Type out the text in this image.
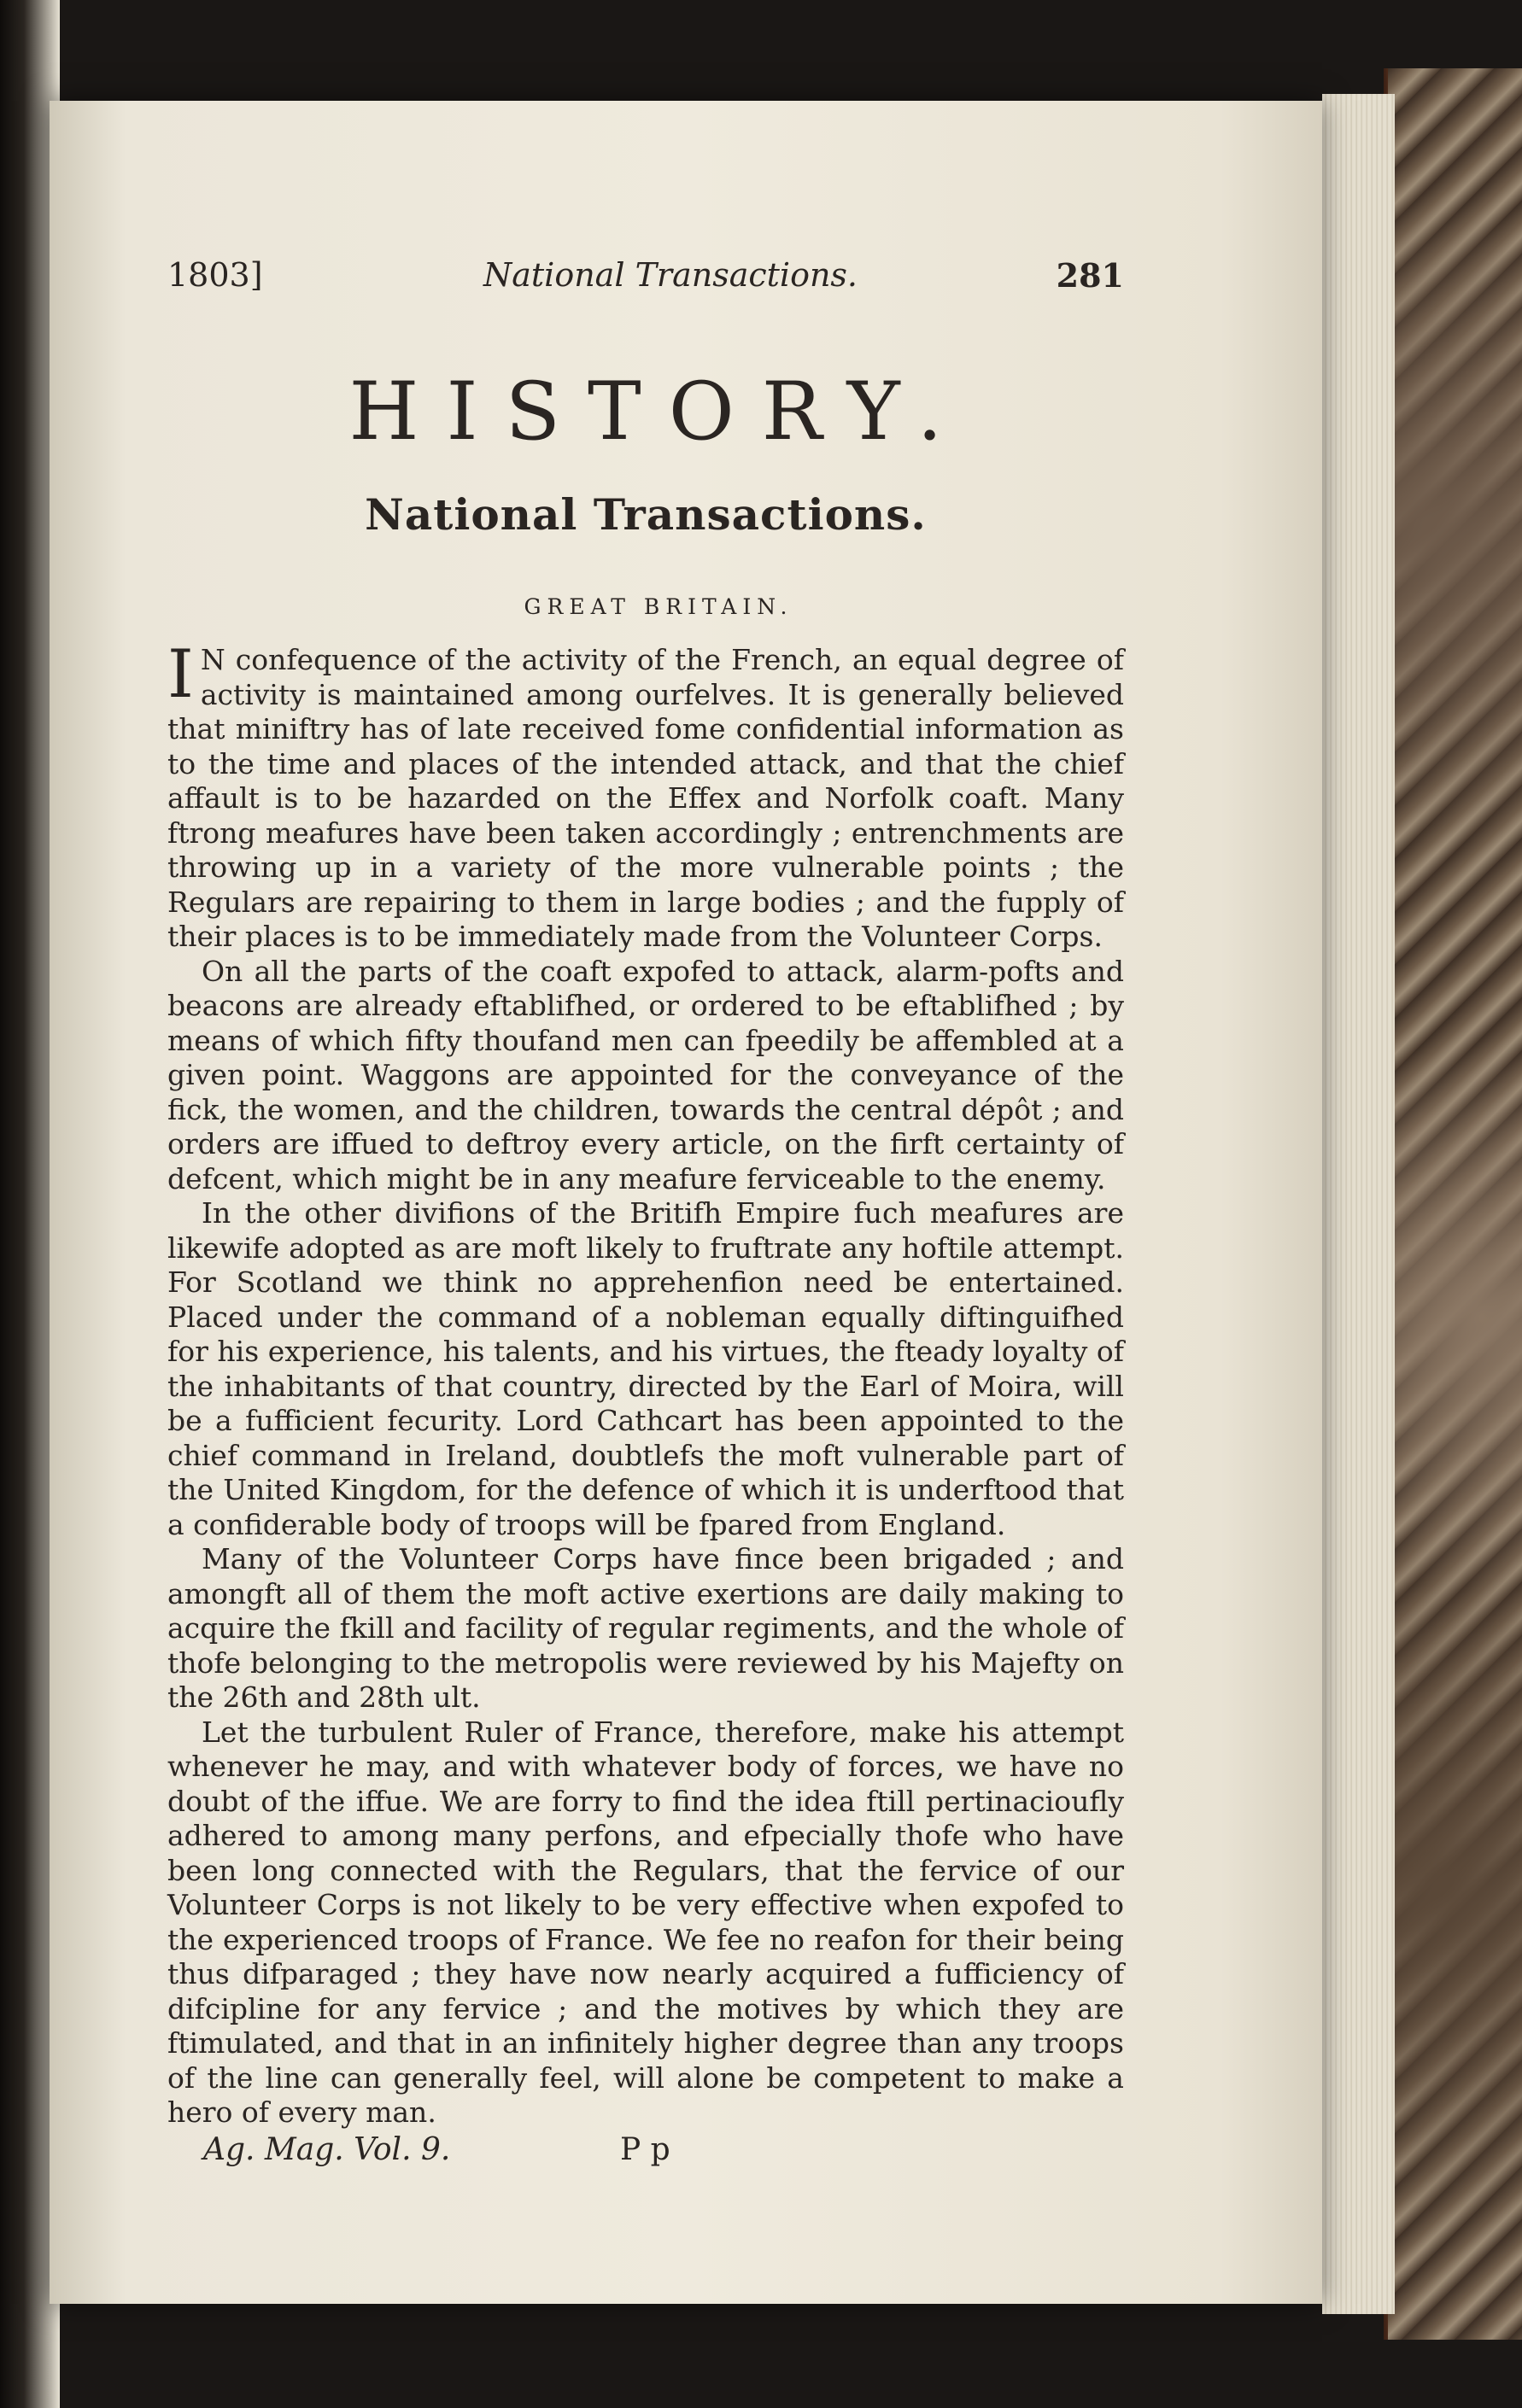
1803]	National Transactions.	281
HISTORY.
National Transactions.
GREAT BRITAIN.

I N confequence of the activity of the French, an equal degree of activity is maintained among ourfelves. It is generally believed that miniftry has of late received fome confidential information as to the time and places of the intended attack, and that the chief affault is to be hazarded on the Effex and Norfolk coaft. Many ftrong meafures have been taken accordingly ; entrenchments are throwing up in a variety of the more vulnerable points ; the Regulars are repairing to them in large bodies ; and the fupply of their places is to be immediately made from the Volunteer Corps.

On all the parts of the coaft expofed to attack, alarm-pofts and beacons are already eftablifhed, or ordered to be eftablifhed ; by means of which fifty thoufand men can fpeedily be affembled at a given point. Waggons are appointed for the conveyance of the fick, the women, and the children, towards the central dépôt ; and orders are iffued to deftroy every article, on the firft certainty of defcent, which might be in any meafure ferviceable to the enemy.

In the other divifions of the Britifh Empire fuch meafures are likewife adopted as are moft likely to fruftrate any hoftile attempt. For Scotland we think no apprehenfion need be entertained. Placed under the command of a nobleman equally diftinguifhed for his experience, his talents, and his virtues, the fteady loyalty of the inhabitants of that country, directed by the Earl of Moira, will be a fufficient fecurity. Lord Cathcart has been appointed to the chief command in Ireland, doubtlefs the moft vulnerable part of the United Kingdom, for the defence of which it is underftood that a confiderable body of troops will be fpared from England.

Many of the Volunteer Corps have fince been brigaded ; and amongft all of them the moft active exertions are daily making to acquire the fkill and facility of regular regiments, and the whole of thofe belonging to the metropolis were reviewed by his Majefty on the 26th and 28th ult.

Let the turbulent Ruler of France, therefore, make his attempt whenever he may, and with whatever body of forces, we have no doubt of the iffue. We are forry to find the idea ftill pertinacioufly adhered to among many perfons, and efpecially thofe who have been long connected with the Regulars, that the fervice of our Volunteer Corps is not likely to be very effective when expofed to the experienced troops of France. We fee no reafon for their being thus difparaged ; they have now nearly acquired a fufficiency of difcipline for any fervice ; and the motives by which they are ftimulated, and that in an infinitely higher degree than any troops of the line can generally feel, will alone be competent to make a hero of every man.

Ag. Mag. Vol. 9.	P p
